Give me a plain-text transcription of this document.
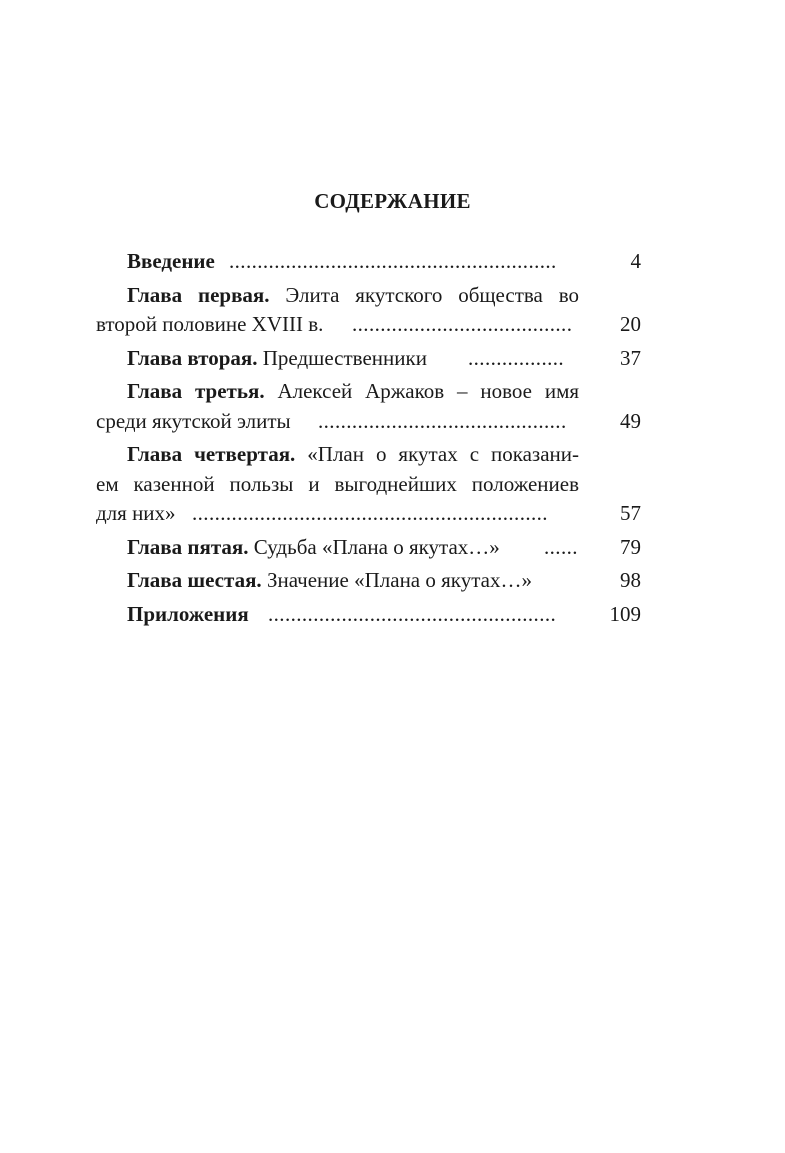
СОДЕРЖАНИЕ
Введение ..........................................................	4
Глава первая. Элита якутского общества во
второй половине XVIII в. .......................................	20
Глава вторая. Предшественники .................	37
Глава третья. Алексей Аржаков – новое имя
среди якутской элиты ............................................	49
Глава четвертая. «План о якутах с показани-
ем казенной пользы и выгоднейших положениев
для них» ...............................................................	57
Глава пятая. Судьба «Плана о якутах…» ......	79
Глава шестая. Значение «Плана о якутах…»	98
Приложения ...................................................	109
